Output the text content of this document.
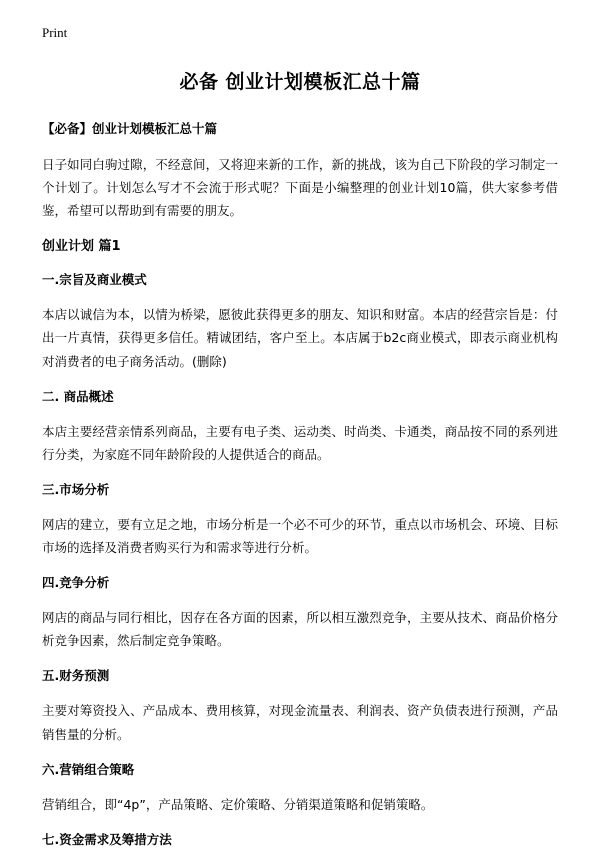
Print
必备 创业计划模板汇总十篇
【必备】创业计划模板汇总十篇

日子如同白驹过隙，不经意间，又将迎来新的工作，新的挑战，该为自己下阶段的学习制定一个计划了。计划怎么写才不会流于形式呢？下面是小编整理的创业计划10篇，供大家参考借鉴，希望可以帮助到有需要的朋友。

创业计划 篇1
一.宗旨及商业模式

本店以诚信为本，以情为桥梁，愿彼此获得更多的朋友、知识和财富。本店的经营宗旨是：付出一片真情，获得更多信任。精诚团结，客户至上。本店属于b2c商业模式，即表示商业机构对消费者的电子商务活动。(删除)

二. 商品概述

本店主要经营亲情系列商品，主要有电子类、运动类、时尚类、卡通类，商品按不同的系列进行分类，为家庭不同年龄阶段的人提供适合的商品。

三.市场分析

网店的建立，要有立足之地，市场分析是一个必不可少的环节，重点以市场机会、环境、目标市场的选择及消费者购买行为和需求等进行分析。

四.竞争分析

网店的商品与同行相比，因存在各方面的因素，所以相互激烈竞争，主要从技术、商品价格分析竞争因素，然后制定竞争策略。

五.财务预测

主要对筹资投入、产品成本、费用核算，对现金流量表、利润表、资产负债表进行预测，产品销售量的分析。

六.营销组合策略

营销组合，即“4p”，产品策略、定价策略、分销渠道策略和促销策略。

七.资金需求及筹措方法
